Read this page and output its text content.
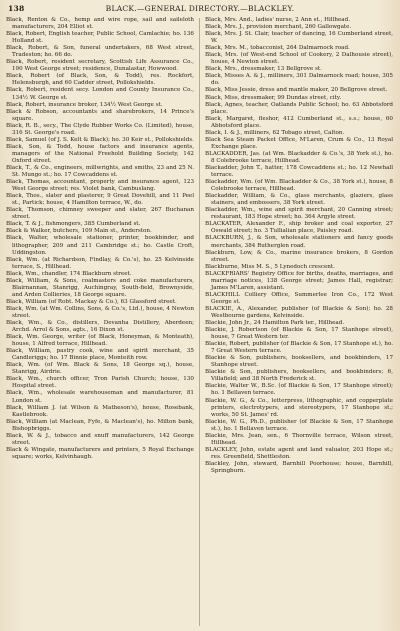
138	BLACK.—GENERAL DIRECTORY.—BLACKLEY.
Black, Renton & Co., hemp and wire rope, sail and saileloth manufacturers, 204 Elliot st.
Black, Robert, English teacher, Public School, Camlachie; ho. 136 Holland st.
Black, Robert, & Son, funeral undertakers, 68 West street, Tradeston; ho. 66 do.
Black, Robert, resident secretary, Scottish Life Assurance Co., 190 West George street; residence, Dunalastar, Howwood.
Black, Robert (of Black, Son, & Todd), res. Rockfort, Helensburgh, and 60 Cadder street, Pollokshields.
Black, Robert, resident secy. London and County Insurance Co., 134½ W. George st.
Black, Robert, insurance broker, 134½ West George st.
Black & Robson, accountants and sharebrokers, 14 Prince's square.
Black, R. B., secy., The Clyde Rubber Works Co. (Limited), house, 316 St. George's road.
Black, Samuel (of J. S. Kelt & Black); ho. 30 Keir st., Pollokshields.
Black, Son, & Todd, house factors and insurance agents, managers of the National Freehold Building Society, 142 Oxford street.
Black, T., & Co., engineers, millwrights, and smiths, 23 and 25 N. St. Mungo st.; ho. 17 Cowcaddens st.
Black, Thomas, accountant, property and insurance agent, 123 West George street; res. Violet bank, Cambuslang.
Black, Thos., slater and plasterer, 9 Great Dovehill, and 11 Peel st., Partick; house, 4 Hamilton terrace, W., do.
Black, Thomson, chimney sweeper and slater, 267 Buchanan street.
Black, T. & J., fishmongers, 385 Cumberland st.
Black & Walker, butchers, 109 Main st., Anderston.
Black, Walter, wholesale stationer, printer, bookbinder, and lithographer, 209 and 211 Cambridge st.; ho. Castle Croft, Uddingston.
Black, Wm. (at Richardson, Findlay, & Co.'s), ho. 25 Kelvinside terrace, S., Hillhead.
Black, Wm., chandler, 174 Blackburn street.
Black, William, & Sons, coalmasters and coke manufacturers, Blairnannan, Stanrigg, Auchingray, South-field, Brownyside, and Arden Collieries, 18 George square.
Black, William (of Robt. Mackay & Co.), 63 Glassford street.
Black, Wm. (at Wm. Collins, Sons, & Co.'s, Ltd.), house, 4 Newton street.
Black, Wm., & Co., distillers, Devanha Distillery, Aberdeen; Archd. Arrol & Sons, agts., 16 Dixon st.
Black, Wm. George, writer (of Black, Honeyman, & Monteath), house, 1 Alfred terrace, Hillhead.
Black, William, pastry cook, wine and spirit merchant, 35 Candleriggs; ho. 17 Binnie place, Monteith row.
Black, Wm. (of Wm. Black & Sons, 18 George sq.), house, Stanrigg, Airdrie.
Black, Wm., church officer, Tron Parish Church; house, 130 Hospital street.
Black, Wm., wholesale warehouseman and manufacturer, 81 London st.
Black, William J. (at Wilson & Matheson's), house, Rosebank, Kastlebrook.
Black, William (at Maclean, Fyfe, & Maclean's), ho. Milton bank, Bishopbriggs.
Black, W. & J., tobacco and snuff manufacturers, 142 George street.
Black & Wingate, manufacturers and printers, 5 Royal Exchange square; works, Kelvinhaugh.
Black, Mrs. And., ladies' nurse, 2 Ann st., Hillhead.
Black, Mrs. J., provision merchant, 260 Gallowgate.
Black, Mrs. J. St. Clair, teacher of dancing, 16 Cumberland street, W.
Black, Mrs. M., tobacconist, 264 Dalmarnock road.
Black, Mrs. (of West-end School of Cookery, 2 Dalhousie street), house, 4 Newton street.
Black, Mrs., dressmaker, 13 Bellgrove st.
Black, Misses A. & J., milliners, 301 Dalmarnock road; house, 305 do.
Black, Miss Jessie, dress and mantle maker, 20 Bellgrove street.
Black, Miss, dressmaker, 99 Dundas street, city.
Black, Agnes, teacher, Oatlands Public School; ho. 63 Abbotsford place.
Black, Margaret, fleshor, 412 Cumberland st., s.s.; house, 60 Abbotsford place.
Black, I. & J., milliners, 62 Tobago street, Calton.
Black Sea Steam Packet Office, M'Laren, Crum & Co., 13 Royal Exchange place.
BLACKADDER, Jas. (at Wm. Blackadder & Co.'s, 38 York st.), ho. 8 Colebrooke terrace, Hillhead.
Blackadder, John T., hatter, 178 Cowcaddens st.; ho. 12 Newhall terrace.
Blackadder, Wm. (of Wm. Blackadder & Co., 38 York st.), house, 8 Colebrooke terrace, Hillhead.
Blackadder, William, & Co., glass merchants, glaziers, glass stainers, and embossers, 38 York street.
Blackadder, Wm., wine and spirit merchant, 20 Canning street; restaurant, 183 Hope street; ho. 364 Argyle street.
BLACKATER, Alexander F., ship broker and coal exporter, 27 Oswald street; ho. 3 Tullialian place, Paisley road.
BLACKBURN, J., & Son, wholesale stationers and fancy goods merchants, 384 Rutherglen road.
Blackburn, Low, & Co., marine insurance brokers, 8 Gordon street.
Blackburne, Miss M. S., 5 Lynedoch crescent.
BLACKFRIARS' Registry Office for births, deaths, marriages, and marriage notices, 138 George street; James Hall, registrar; James M'Laren, assistant.
BLACKHILL Colliery Office, Summerlee Iron Co., 172 West George st.
BLACKIE, A., Alexander, publisher (of Blackie & Son); ho. 28 Westbourne gardens, Kelvinside.
Blackie, John Jr., 24 Hamilton Park ter., Hillhead.
Blackie, J. Robertson (of Blackie & Son, 17 Stanhope street), house, 7 Great Western ter.
Blackie, Robert, publisher (of Blackie & Son, 17 Stanhope st.), ho. 7 Great Western terrace.
Blackie & Son, publishers, booksellers, and bookbinders, 17 Stanhope street.
Blackie & Son, publishers, booksellers, and bookbinders; 6, Villafield; and 38 North Frederick st.
Blackie, Walter W., B.Sc. (of Blackie & Son, 17 Stanhope street); ho. 1 Bellaven terrace.
Blackie, W. G., & Co., letterpress, lithographic, and copperplate printers, electrotypers, and stereotypers, 17 Stanhope st.; works, 50 St. James' rd.
Blackie, W. G., Ph.D., publisher (of Blackie & Son, 17 Stanhope st.), ho. 1 Bellaven terrace.
Blackie, Mrs. Jean, sen., 6 Thornville terrace, Wilson street, Hillhead.
BLACKLEY, John, estate agent and land valuator, 203 Hope st.; res. Greenfield, Shettleston.
Blackley, John, steward, Barnhill Poorhouse; house, Barnhill, Springburn.
